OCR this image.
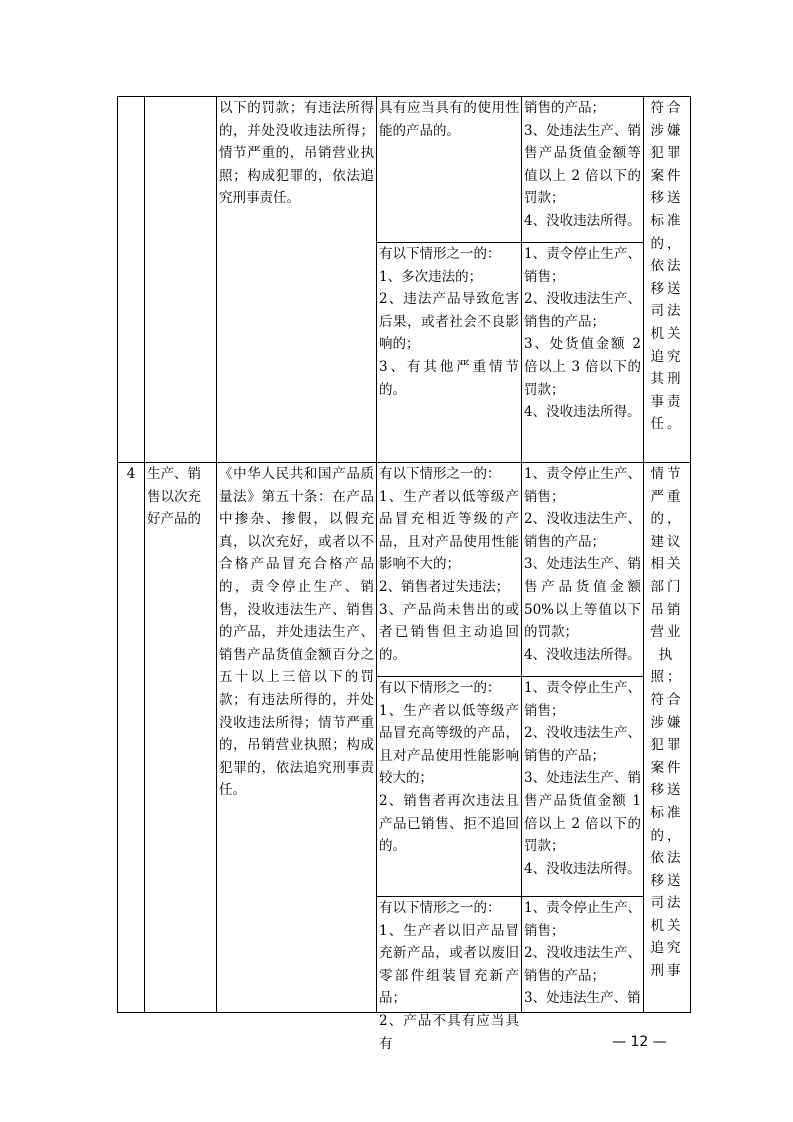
		以下的罚款；有违法所得的，并处没收违法所得；情节严重的，吊销营业执照；构成犯罪的，依法追究刑事责任。	具有应当具有的使用性能的产品的。	销售的产品；
3、处违法生产、销售产品货值金额等值以上 2 倍以下的罚款；
4、没收违法所得。	符合涉嫌犯罪案件移送标准的，依法移送司法机关追究其刑事责任。

			有以下情形之一的：
1、多次违法的；
2、违法产品导致危害后果，或者社会不良影响的；
3、有其他严重情节的。	1、责令停止生产、销售；
2、没收违法生产、销售的产品；
3、处货值金额 2 倍以上 3 倍以下的罚款；
4、没收违法所得。	
4	生产、销售以次充好产品的	《中华人民共和国产品质量法》第五十条：在产品中掺杂、掺假，以假充真，以次充好，或者以不合格产品冒充合格产品的，责令停止生产、销售，没收违法生产、销售的产品，并处违法生产、销售产品货值金额百分之五十以上三倍以下的罚款；有违法所得的，并处没收违法所得；情节严重的，吊销营业执照；构成犯罪的，依法追究刑事责任。	有以下情形之一的：
1、生产者以低等级产品冒充相近等级的产品，且对产品使用性能影响不大的；
2、销售者过失违法；
3、产品尚未售出的或者已销售但主动追回的。	1、责令停止生产、销售；
2、没收违法生产、销售的产品；
3、处违法生产、销售产品货值金额 50%以上等值以下的罚款；
4、没收违法所得。	情节严重的，建议相关部门吊销营业执照；符合涉嫌犯罪案件移送标准的，依法移送司法机关追究刑事

			有以下情形之一的：
1、生产者以低等级产品冒充高等级的产品，且对产品使用性能影响较大的；
2、销售者再次违法且产品已销售、拒不追回的。	1、责令停止生产、销售；
2、没收违法生产、销售的产品；
3、处违法生产、销售产品货值金额 1 倍以上 2 倍以下的罚款；
4、没收违法所得。	

			有以下情形之一的：
1、生产者以旧产品冒充新产品，或者以废旧零部件组装冒充新产品；
2、产品不具有应当具有	1、责令停止生产、销售；
2、没收违法生产、销售的产品；
3、处违法生产、销	
— 12 —
